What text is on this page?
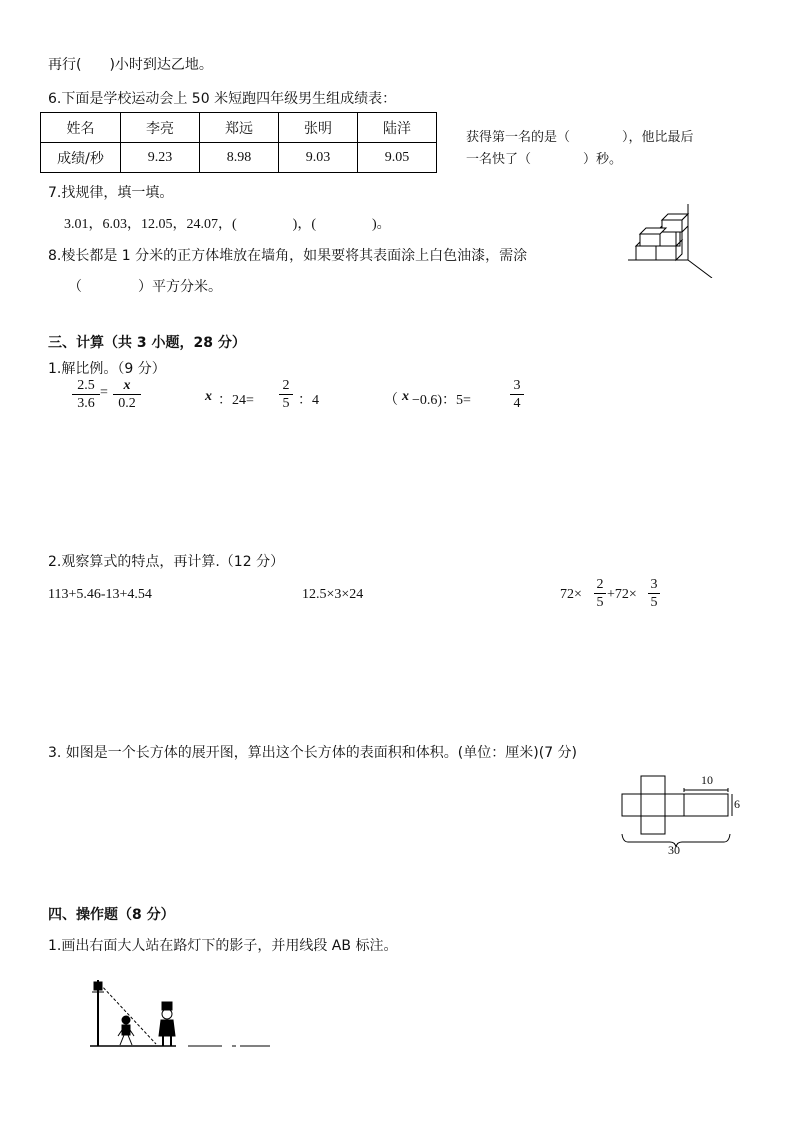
再行(　　)小时到达乙地。
6.下面是学校运动会上 50 米短跑四年级男生组成绩表：
姓名	李亮	郑远	张明	陆洋
成绩/秒	9.23	8.98	9.03	9.05
获得第一名的是（　　　　），他比最后
一名快了（　　　　）秒。
7.找规律，填一填。
3.01，6.03，12.05，24.07，(　　　　)，(　　　　)。
8.棱长都是 1 分米的正方体堆放在墙角，如果要将其表面涂上白色油漆，需涂
（　　　　）平方分米。
三、计算（共 3 小题，28 分）
1.解比例。（9 分）
$\frac{2.5}{3.6} = \frac{x}{0.2}$	x ：$24= \frac{2}{5}$ ：4	（ x −0.6)：5=	$\frac{3}{4}$
2.观察算式的特点，再计算.（12 分）
113+5.46-13+4.54	12.5×3×24	$72\times \frac{2}{5} +72\times \frac{3}{5}$
3. 如图是一个长方体的展开图，算出这个长方体的表面积和体积。(单位：厘米)(7 分)
10
6
30
四、操作题（8 分）
1.画出右面大人站在路灯下的影子，并用线段 AB 标注。
